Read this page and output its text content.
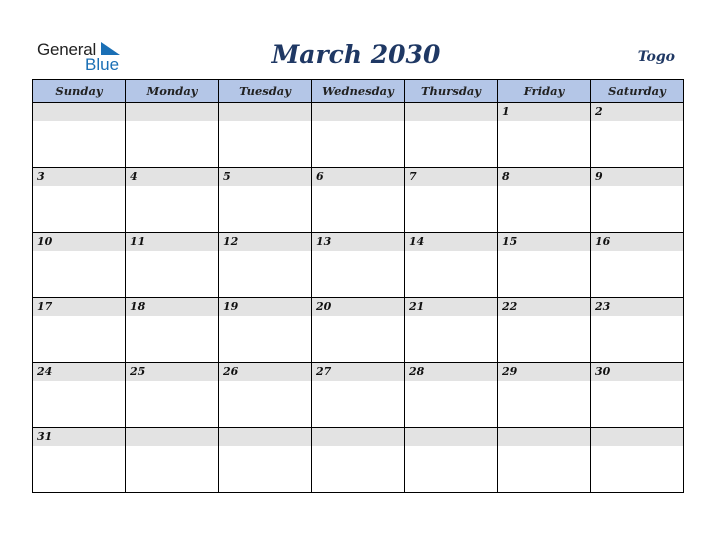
General
Blue	March 2030	Togo
Sunday	Monday	Tuesday	Wednesday	Thursday	Friday	Saturday

					1	2

3	4	5	6	7	8	9

10	11	12	13	14	15	16

17	18	19	20	21	22	23

24	25	26	27	28	29	30

31						
